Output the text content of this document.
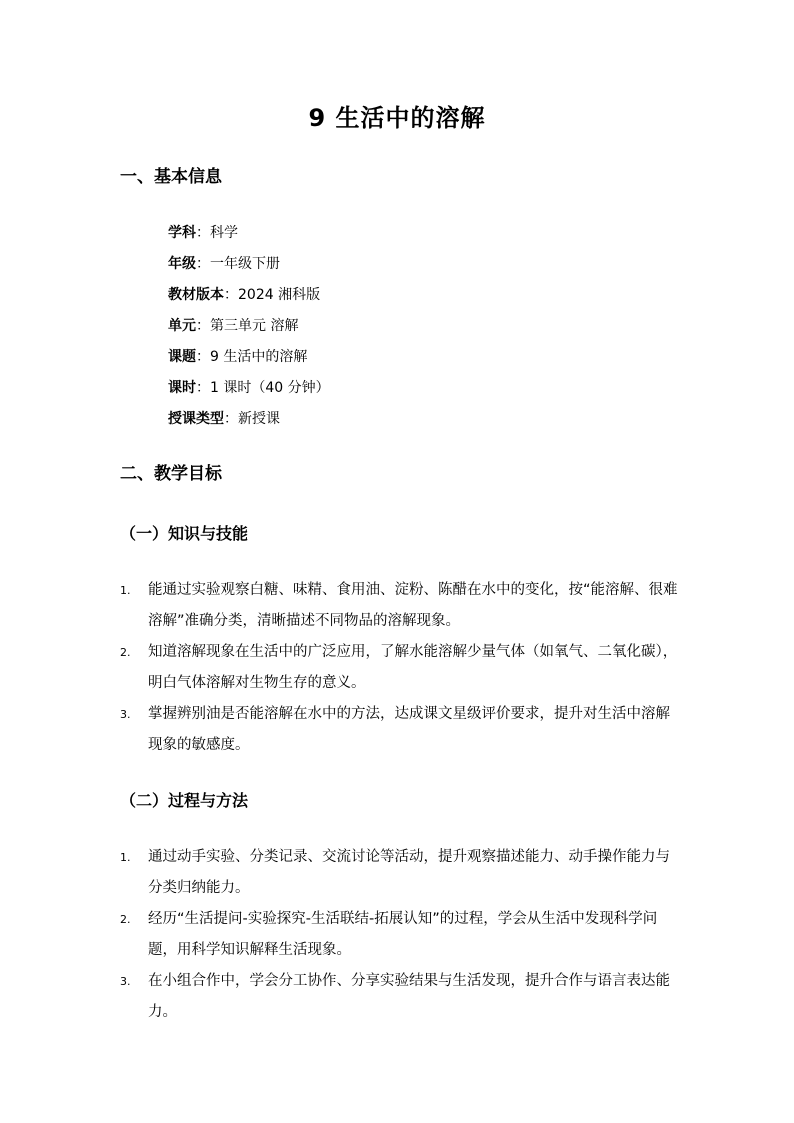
9 生活中的溶解
一、基本信息
学科：科学
年级：一年级下册
教材版本：2024 湘科版
单元：第三单元 溶解
课题：9 生活中的溶解
课时：1 课时（40 分钟）
授课类型：新授课
二、教学目标
（一）知识与技能
1. 能通过实验观察白糖、味精、食用油、淀粉、陈醋在水中的变化，按“能溶解、很难溶解”准确分类，清晰描述不同物品的溶解现象。
2. 知道溶解现象在生活中的广泛应用，了解水能溶解少量气体（如氧气、二氧化碳），明白气体溶解对生物生存的意义。
3. 掌握辨别油是否能溶解在水中的方法，达成课文星级评价要求，提升对生活中溶解现象的敏感度。
（二）过程与方法
1. 通过动手实验、分类记录、交流讨论等活动，提升观察描述能力、动手操作能力与分类归纳能力。
2. 经历“生活提问-实验探究-生活联结-拓展认知”的过程，学会从生活中发现科学问题，用科学知识解释生活现象。
3. 在小组合作中，学会分工协作、分享实验结果与生活发现，提升合作与语言表达能力。
